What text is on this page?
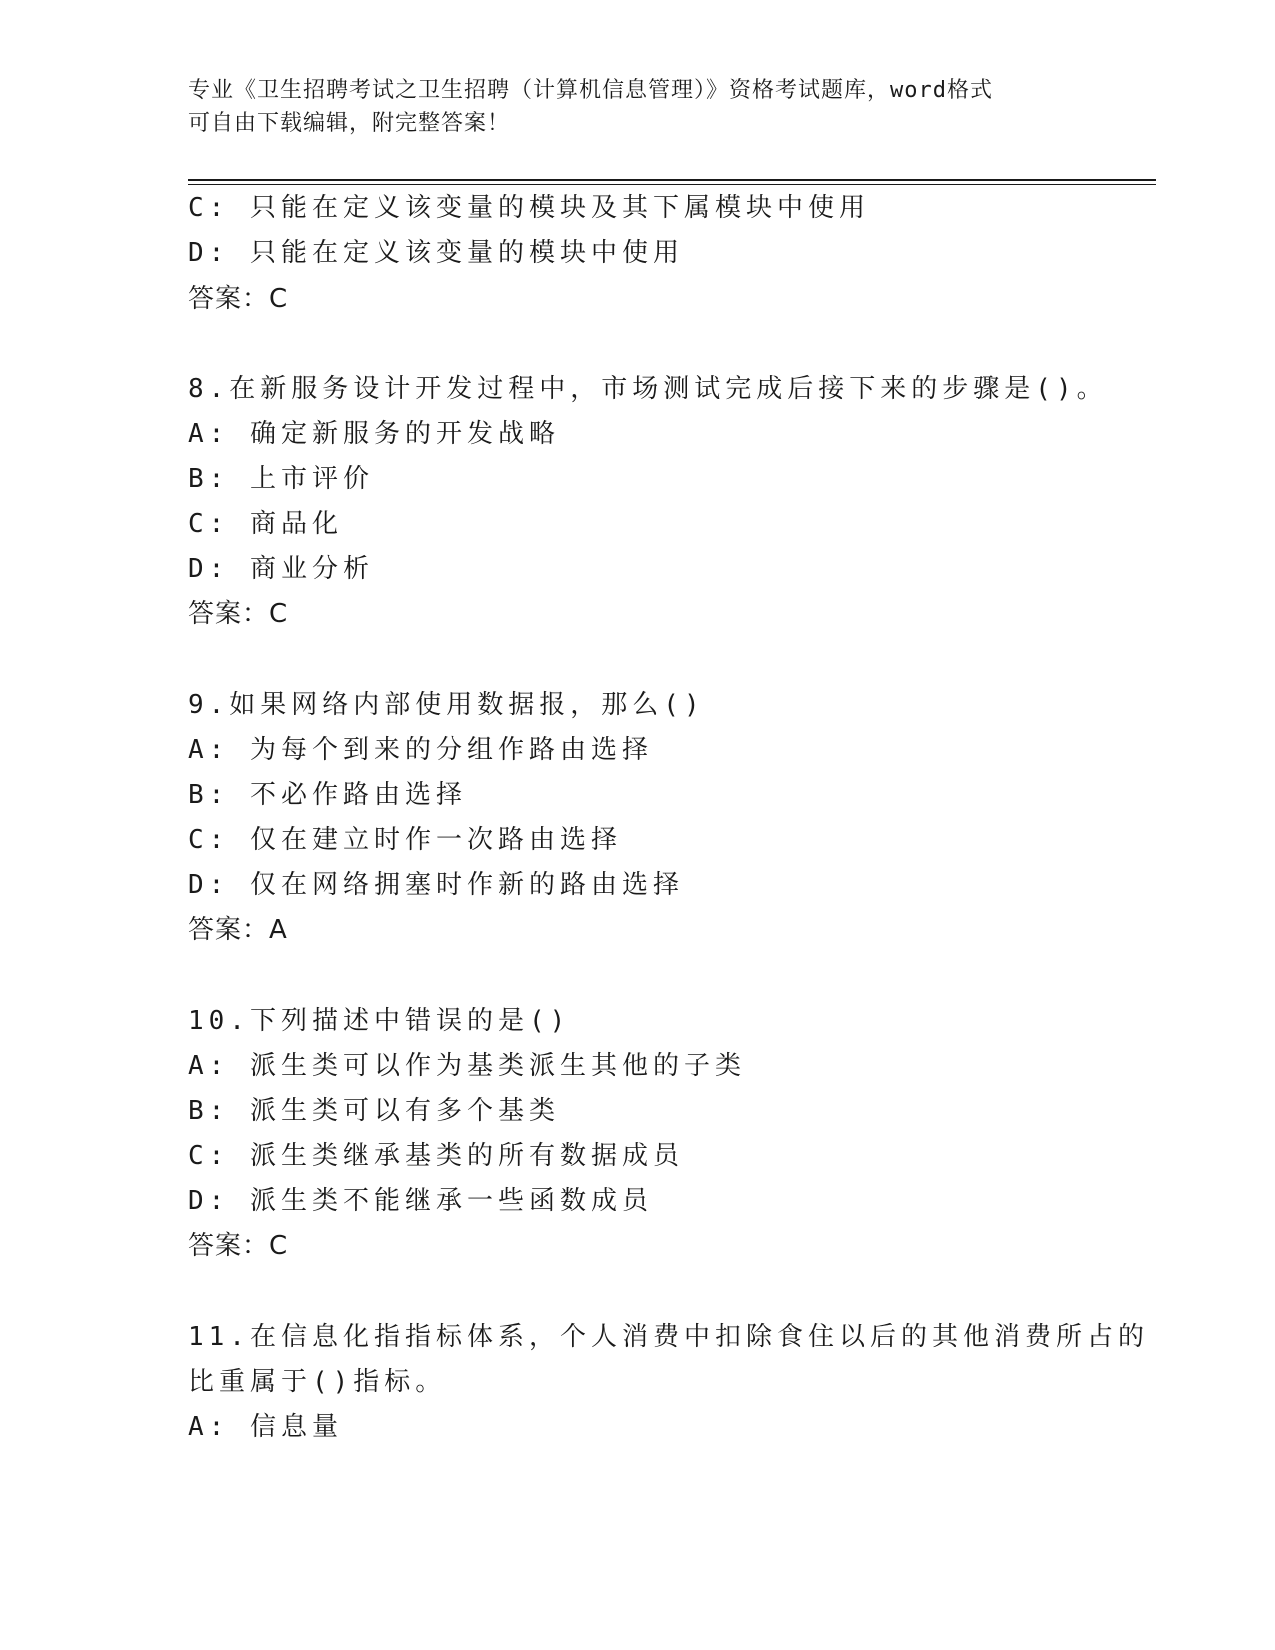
专业《卫生招聘考试之卫生招聘（计算机信息管理）》资格考试题库，word格式
可自由下载编辑，附完整答案！
C: 只能在定义该变量的模块及其下属模块中使用
D: 只能在定义该变量的模块中使用
答案：C
8.在新服务设计开发过程中，市场测试完成后接下来的步骤是()。
A: 确定新服务的开发战略
B: 上市评价
C: 商品化
D: 商业分析
答案：C
9.如果网络内部使用数据报，那么()
A: 为每个到来的分组作路由选择
B: 不必作路由选择
C: 仅在建立时作一次路由选择
D: 仅在网络拥塞时作新的路由选择
答案：A
10.下列描述中错误的是()
A: 派生类可以作为基类派生其他的子类
B: 派生类可以有多个基类
C: 派生类继承基类的所有数据成员
D: 派生类不能继承一些函数成员
答案：C
11.在信息化指指标体系，个人消费中扣除食住以后的其他消费所占的
比重属于()指标。
A: 信息量
